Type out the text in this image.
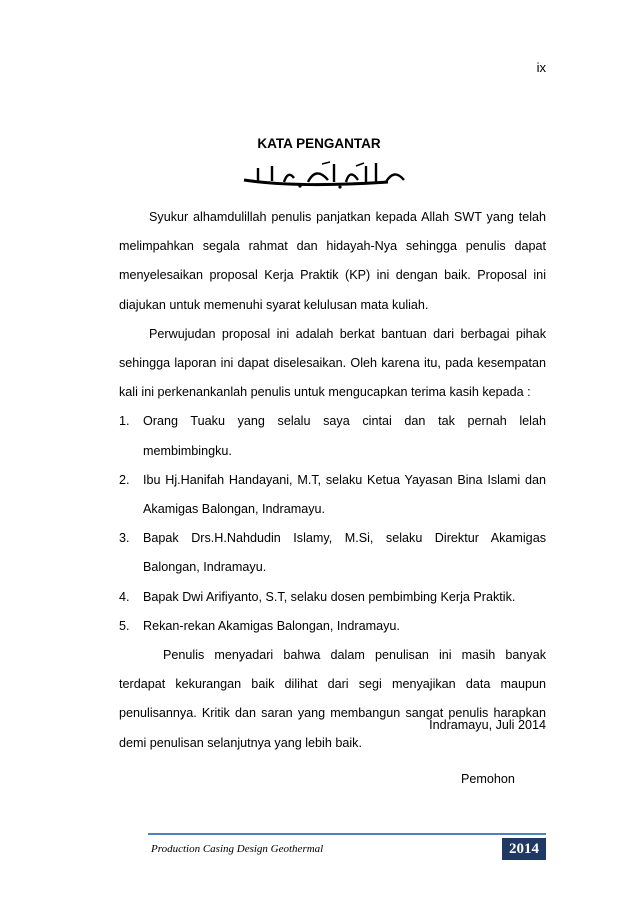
ix
KATA PENGANTAR

Syukur alhamdulillah penulis panjatkan kepada Allah SWT yang telah melimpahkan segala rahmat dan hidayah-Nya sehingga penulis dapat menyelesaikan proposal Kerja Praktik (KP) ini dengan baik. Proposal ini diajukan untuk memenuhi syarat kelulusan mata kuliah.

Perwujudan proposal ini adalah berkat bantuan dari berbagai pihak sehingga laporan ini dapat diselesaikan. Oleh karena itu, pada kesempatan kali ini perkenankanlah penulis untuk mengucapkan terima kasih kepada :

1. Orang Tuaku yang selalu saya cintai dan tak pernah lelah membimbingku.
2. Ibu Hj.Hanifah Handayani, M.T, selaku Ketua Yayasan Bina Islami dan Akamigas Balongan, Indramayu.
3. Bapak Drs.H.Nahdudin Islamy, M.Si, selaku Direktur Akamigas Balongan, Indramayu.
4. Bapak Dwi Arifiyanto, S.T, selaku dosen pembimbing Kerja Praktik.
5. Rekan-rekan Akamigas Balongan, Indramayu.

Penulis menyadari bahwa dalam penulisan ini masih banyak terdapat kekurangan baik dilihat dari segi menyajikan data maupun penulisannya. Kritik dan saran yang membangun sangat penulis harapkan demi penulisan selanjutnya yang lebih baik.

Indramayu, Juli 2014
Pemohon
Production Casing Design Geothermal	2014
